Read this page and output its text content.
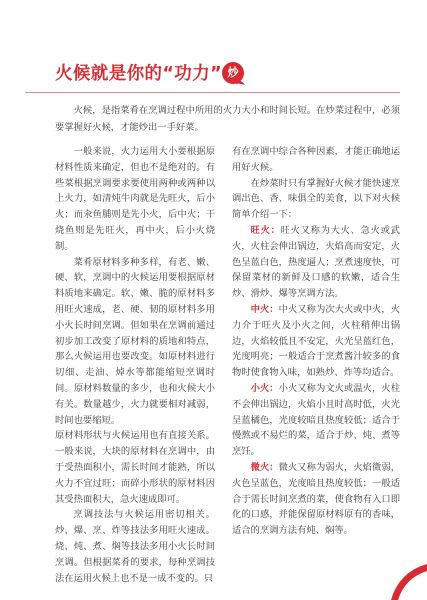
火候就是你的“功力” 炒

火候，是指菜肴在烹调过程中所用的火力大小和时间长短。在炒菜过程中，必须要掌握好火候，才能炒出一手好菜。

一般来说，火力运用大小要根据原材料性质来确定，但也不是绝对的。有些菜根据烹调要求要使用两种或两种以上火力，如清炖牛肉就是先旺火，后小火；而汆鱼脯则是先小火，后中火；干烧鱼则是先旺火，再中火，后小火烧制。

菜肴原材料多种多样，有老、嫩、硬、软，烹调中的火候运用要根据原材料质地来确定。软、嫩、脆的原材料多用旺火速成，老、硬、韧的原材料多用小火长时间烹调。但如果在烹调前通过初步加工改变了原材料的质地和特点，那么火候运用也要改变。如原材料进行切细、走油、焯水等都能缩短烹调时间。原材料数量的多少，也和火候大小有关。数量越少，火力就要相对减弱，时间也要缩短。

原材料形状与火候运用也有直接关系。一般来说，大块的原材料在烹调中，由于受热面积小，需长时间才能熟，所以火力不宜过旺；而碎小形状的原材料因其受热面积大，急火速成即可。

烹调技法与火候运用密切相关。炒、爆、烹、炸等技法多用旺火速成。烧、炖、煮、焖等技法多用小火长时间烹调。但根据菜肴的要求，每种烹调技法在运用火候上也不是一成不变的。只

有在烹调中综合各种因素，才能正确地运用好火候。

在炒菜时只有掌握好火候才能快速烹调出色、香、味俱全的美食，以下对火候简单介绍一下：

旺火：旺火又称为大火、急火或武火，火柱会伸出锅边，火焰高而安定，火色呈蓝白色，热度逼人；烹煮速度快，可保留菜材的新鲜及口感的软嫩，适合生炒、滑炒、爆等烹调方法。

中火：中火又称为次大火或中火，火力介于旺火及小火之间，火柱稍伸出锅边，火焰较低且不安定，火光呈蓝红色，光度明亮；一般适合于烹煮酱汁较多的食物时使食物入味，如熟炒、炸等均适合。

小火：小火又称为文火或温火，火柱不会伸出锅边，火焰小且时高时低，火光呈蓝橘色，光度较暗且热度较低；适合于慢熬或不易烂的菜，适合于炒、炖、煮等烹饪。

微火：微火又称为弱火，火焰微弱，火色呈蓝色，光度暗且热度较低；一般适合于需长时间烹煮的菜，使食物有入口即化的口感，并能保留原材料原有的香味，适合的烹调方法有炖、焖等。
